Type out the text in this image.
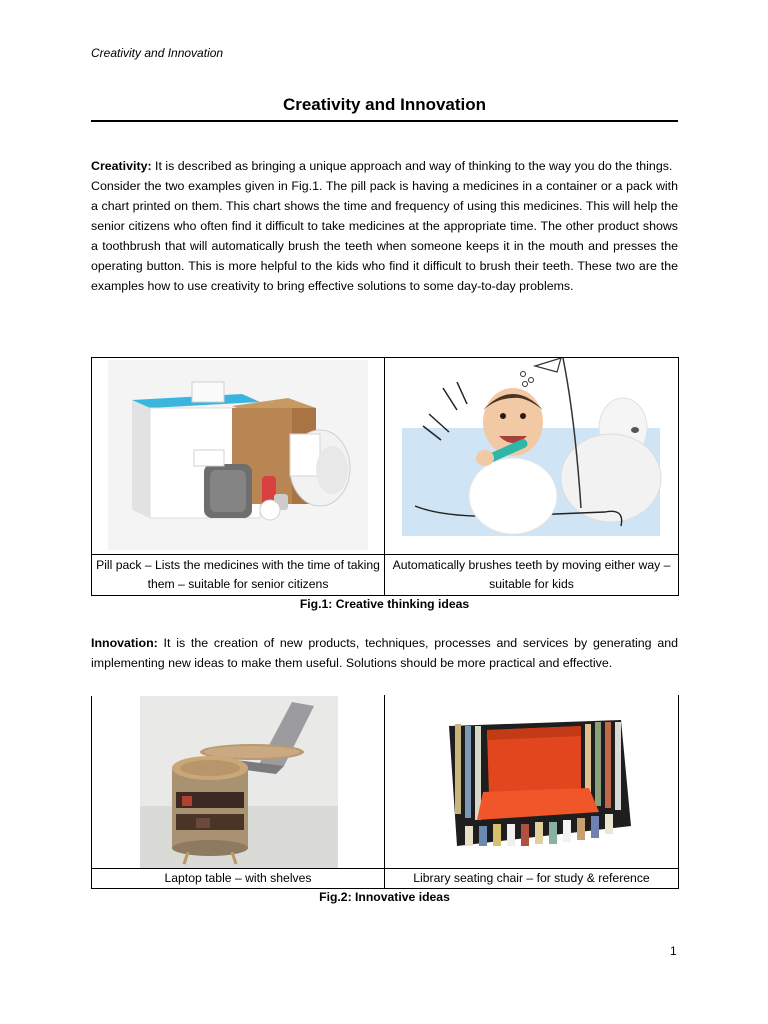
Creativity and Innovation
Creativity and Innovation
Creativity: It is described as bringing a unique approach and way of thinking to the way you do the things.
Consider the two examples given in Fig.1. The pill pack is having a medicines in a container or a pack with a chart printed on them. This chart shows the time and frequency of using this medicines. This will help the senior citizens who often find it difficult to take medicines at the appropriate time. The other product shows a toothbrush that will automatically brush the teeth when someone keeps it in the mouth and presses the operating button. This is more helpful to the kids who find it difficult to brush their teeth. These two are the examples how to use creativity to bring effective solutions to some day-to-day problems.

Pill pack – Lists the medicines with the time of taking them – suitable for senior citizens	Automatically brushes teeth by moving either way – suitable for kids
Fig.1: Creative thinking ideas
Innovation: It is the creation of new products, techniques, processes and services by generating and implementing new ideas to make them useful. Solutions should be more practical and effective.

Laptop table – with shelves	Library seating chair – for study & reference
Fig.2: Innovative ideas
1
